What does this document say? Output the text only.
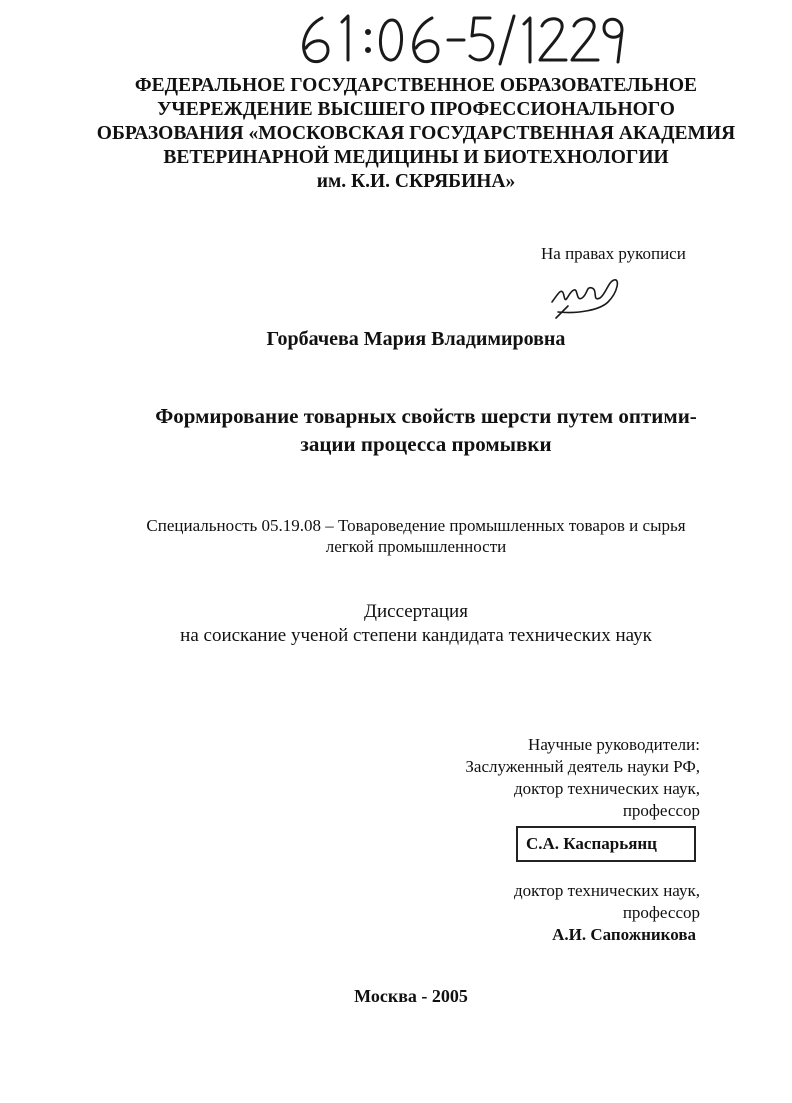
ФЕДЕРАЛЬНОЕ ГОСУДАРСТВЕННОЕ ОБРАЗОВАТЕЛЬНОЕ
УЧЕРЕЖДЕНИЕ ВЫСШЕГО ПРОФЕССИОНАЛЬНОГО
ОБРАЗОВАНИЯ «МОСКОВСКАЯ ГОСУДАРСТВЕННАЯ АКАДЕМИЯ
ВЕТЕРИНАРНОЙ МЕДИЦИНЫ И БИОТЕХНОЛОГИИ
им. К.И. СКРЯБИНА»
На правах рукописи
Горбачева Мария Владимировна
Формирование товарных свойств шерсти путем оптими-
зации процесса промывки
Специальность 05.19.08 – Товароведение промышленных товаров и сырья
легкой промышленности
Диссертация
на соискание ученой степени кандидата технических наук
Научные руководители:
Заслуженный деятель науки РФ,
доктор технических наук,
профессор
С.А. Каспарьянц
доктор технических наук,
профессор
А.И. Сапожникова
Москва - 2005
